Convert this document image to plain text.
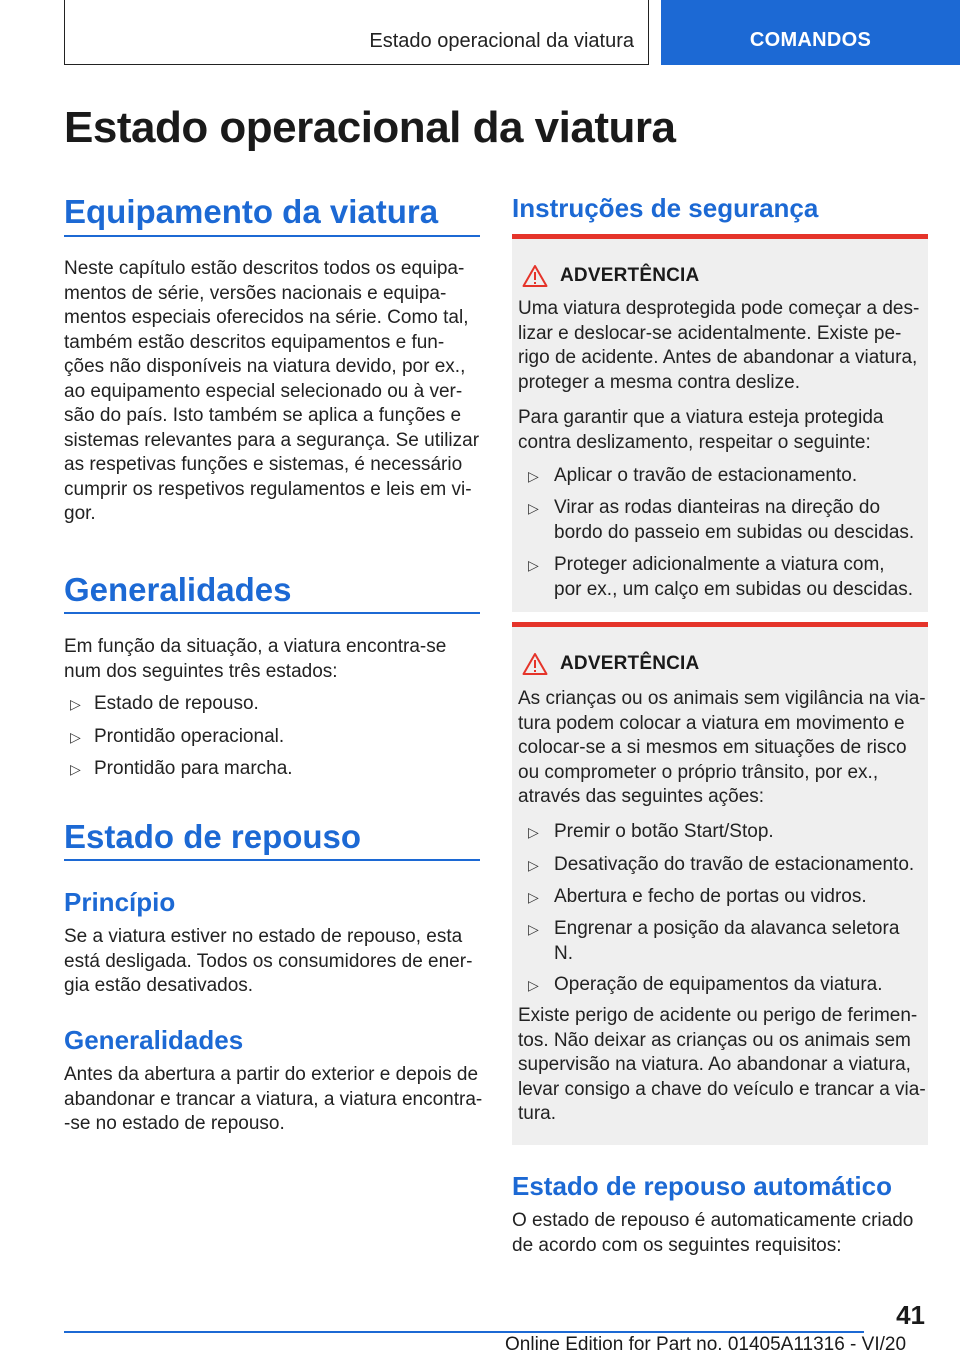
Estado operacional da viatura	COMANDOS
Estado operacional da viatura
Equipamento da viatura
Neste capítulo estão descritos todos os equipa‐
mentos de série, versões nacionais e equipa‐
mentos especiais oferecidos na série. Como tal,
também estão descritos equipamentos e fun‐
ções não disponíveis na viatura devido, por ex.,
ao equipamento especial selecionado ou à ver‐
são do país. Isto também se aplica a funções e
sistemas relevantes para a segurança. Se utilizar
as respetivas funções e sistemas, é necessário
cumprir os respetivos regulamentos e leis em vi‐
gor.
Generalidades
Em função da situação, a viatura encontra-se
num dos seguintes três estados:
▷ Estado de repouso.
▷ Prontidão operacional.
▷ Prontidão para marcha.
Estado de repouso
Princípio
Se a viatura estiver no estado de repouso, esta
está desligada. Todos os consumidores de ener‐
gia estão desativados.
Generalidades
Antes da abertura a partir do exterior e depois de
abandonar e trancar a viatura, a viatura encontra‐
-se no estado de repouso.
Instruções de segurança
ADVERTÊNCIA
Uma viatura desprotegida pode começar a des‐
lizar e deslocar-se acidentalmente. Existe pe‐
rigo de acidente. Antes de abandonar a viatura,
proteger a mesma contra deslize.
Para garantir que a viatura esteja protegida
contra deslizamento, respeitar o seguinte:
▷ Aplicar o travão de estacionamento.
▷ Virar as rodas dianteiras na direção do
bordo do passeio em subidas ou descidas.
▷ Proteger adicionalmente a viatura com,
por ex., um calço em subidas ou descidas.
ADVERTÊNCIA
As crianças ou os animais sem vigilância na via‐
tura podem colocar a viatura em movimento e
colocar-se a si mesmos em situações de risco
ou comprometer o próprio trânsito, por ex.,
através das seguintes ações:
▷ Premir o botão Start/Stop.
▷ Desativação do travão de estacionamento.
▷ Abertura e fecho de portas ou vidros.
▷ Engrenar a posição da alavanca seletora
N.
▷ Operação de equipamentos da viatura.
Existe perigo de acidente ou perigo de ferimen‐
tos. Não deixar as crianças ou os animais sem
supervisão na viatura. Ao abandonar a viatura,
levar consigo a chave do veículo e trancar a via‐
tura.
Estado de repouso automático
O estado de repouso é automaticamente criado
de acordo com os seguintes requisitos:
41
Online Edition for Part no. 01405A11316 - VI/20
